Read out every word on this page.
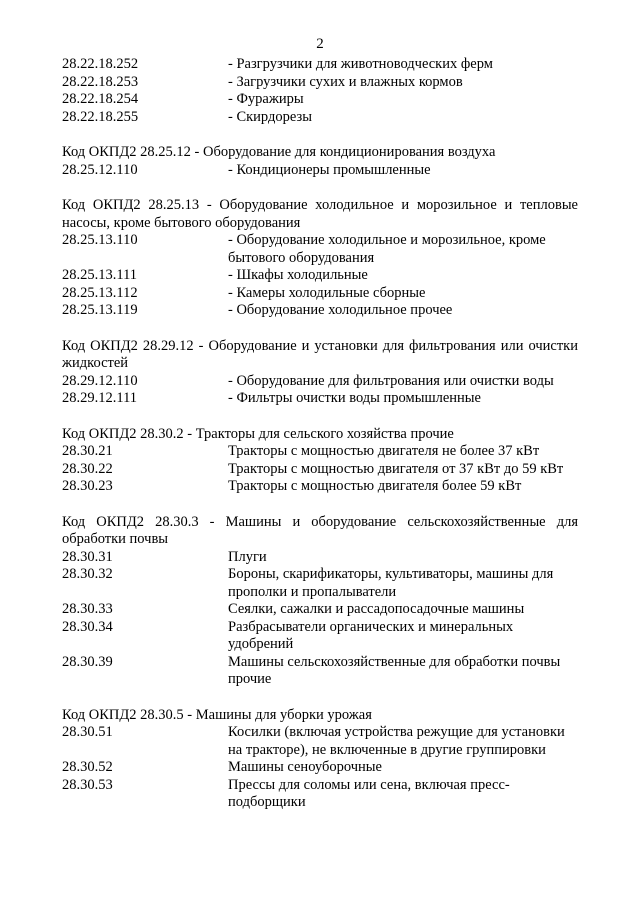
2
28.22.18.252	- Разгрузчики для животноводческих ферм
28.22.18.253	- Загрузчики сухих и влажных кормов
28.22.18.254	- Фуражиры
28.22.18.255	- Скирдорезы
Код ОКПД2 28.25.12 - Оборудование для кондиционирования воздуха
28.25.12.110	- Кондиционеры промышленные
Код ОКПД2 28.25.13 - Оборудование холодильное и морозильное и тепловые насосы, кроме бытового оборудования
28.25.13.110	- Оборудование холодильное и морозильное, кроме бытового оборудования
28.25.13.111	- Шкафы холодильные
28.25.13.112	- Камеры холодильные сборные
28.25.13.119	- Оборудование холодильное прочее
Код ОКПД2 28.29.12 - Оборудование и установки для фильтрования или очистки жидкостей
28.29.12.110	- Оборудование для фильтрования или очистки воды
28.29.12.111	- Фильтры очистки воды промышленные
Код ОКПД2 28.30.2 - Тракторы для сельского хозяйства прочие
28.30.21	Тракторы с мощностью двигателя не более 37 кВт
28.30.22	Тракторы с мощностью двигателя от 37 кВт до 59 кВт
28.30.23	Тракторы с мощностью двигателя более 59 кВт
Код ОКПД2 28.30.3 - Машины и оборудование сельскохозяйственные для обработки почвы
28.30.31	Плуги
28.30.32	Бороны, скарификаторы, культиваторы, машины для прополки и пропалыватели
28.30.33	Сеялки, сажалки и рассадопосадочные машины
28.30.34	Разбрасыватели органических и минеральных удобрений
28.30.39	Машины сельскохозяйственные для обработки почвы прочие
Код ОКПД2 28.30.5 - Машины для уборки урожая
28.30.51	Косилки (включая устройства режущие для установки на тракторе), не включенные в другие группировки
28.30.52	Машины сеноуборочные
28.30.53	Прессы для соломы или сена, включая пресс-подборщики
